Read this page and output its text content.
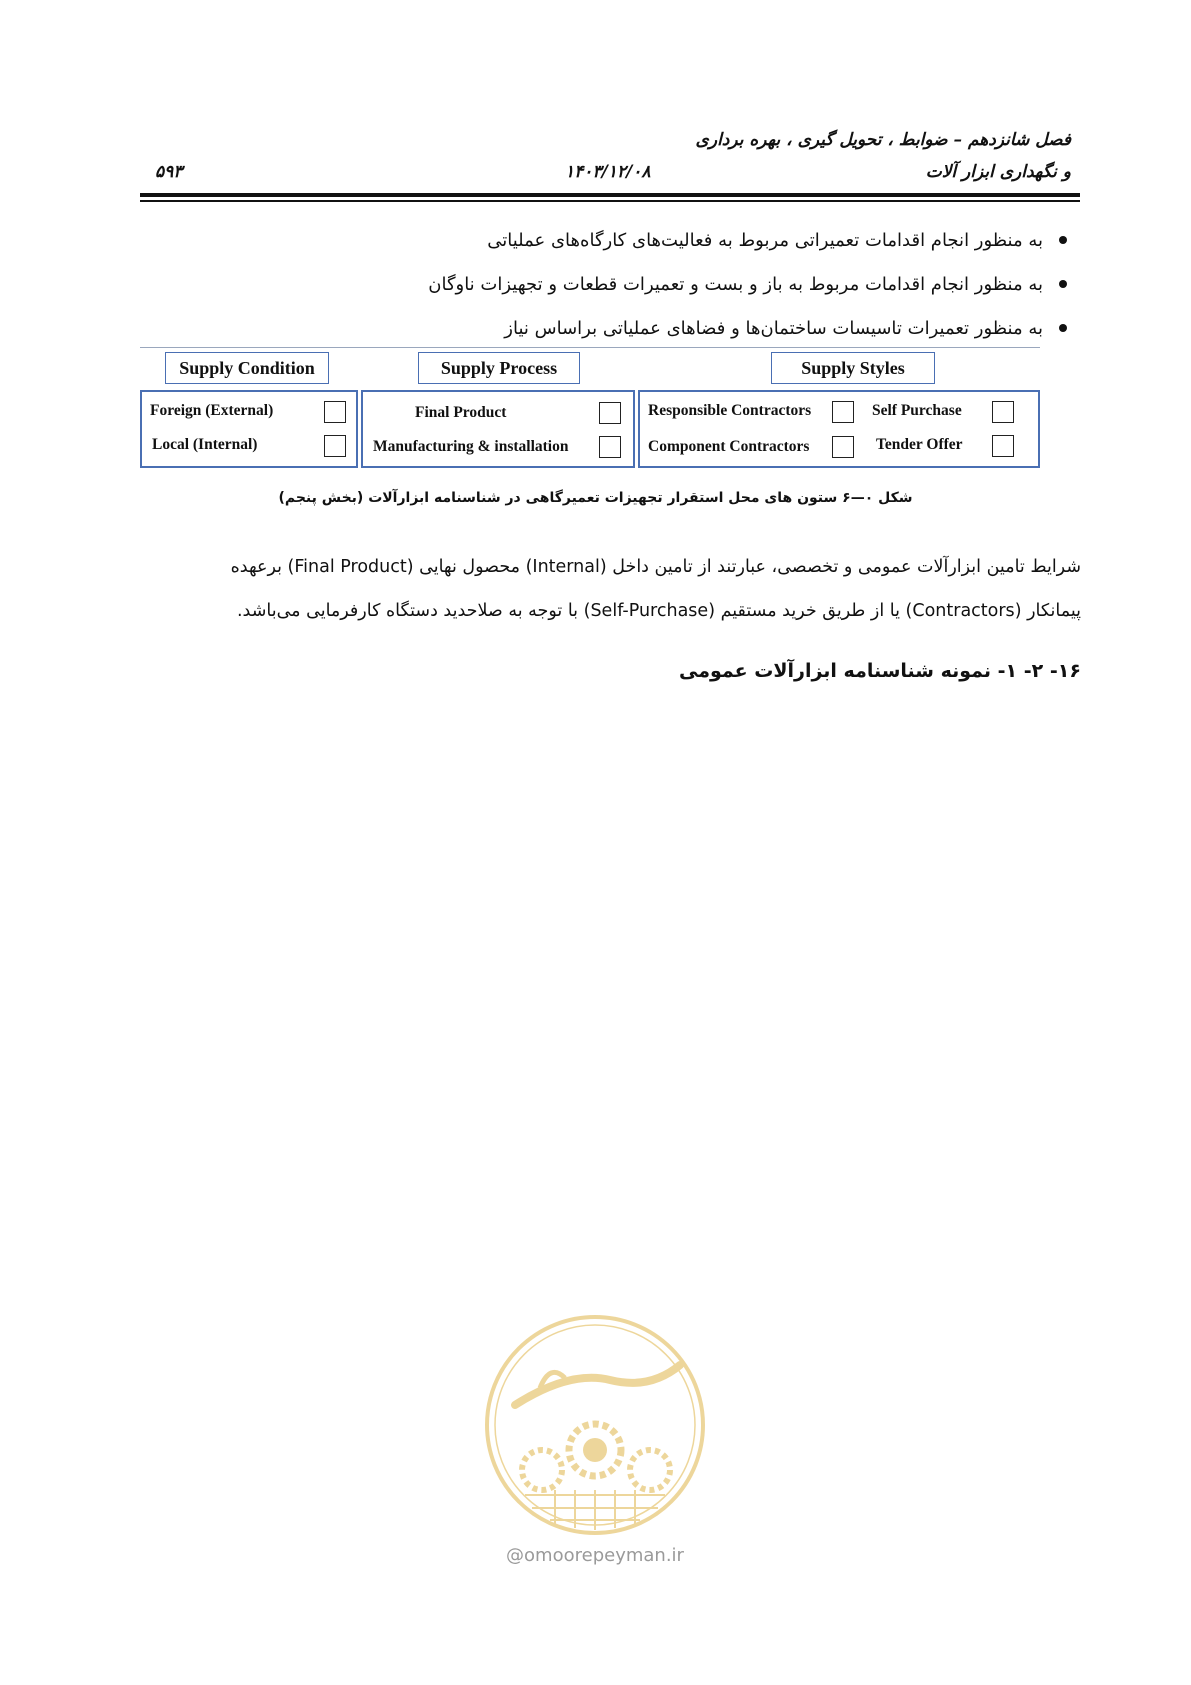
فصل شانزدهم – ضوابط ، تحویل گیری ، بهره برداری
و نگهداری ابزار آلات
۱۴۰۳/۱۲/۰۸
۵۹۳
به منظور انجام اقدامات تعمیراتی مربوط به فعالیت‌های کارگاه‌های عملیاتی
به منظور انجام اقدامات مربوط به باز و بست و تعمیرات قطعات و تجهیزات ناوگان
به منظور تعمیرات تاسیسات ساختمان‌ها و فضاهای عملیاتی براساس نیاز
Supply Condition	Supply Process	Supply Styles
Foreign (External)
Local (Internal)
Final Product
Manufacturing & installation
Responsible Contractors
Component Contractors
Self Purchase
Tender Offer
شکل ۰—۶ ستون های محل استقرار تجهیزات تعمیرگاهی در شناسنامه ابزارآلات (بخش پنجم)
شرایط تامین ابزارآلات عمومی و تخصصی، عبارتند از تامین داخل (Internal) محصول نهایی (Final Product) برعهده
پیمانکار (Contractors) یا از طریق خرید مستقیم (Self-Purchase) با توجه به صلاحدید دستگاه کارفرمایی می‌باشد.
۱۶- ۲- ۱- نمونه شناسنامه ابزارآلات عمومی
@omoorepeyman.ir
